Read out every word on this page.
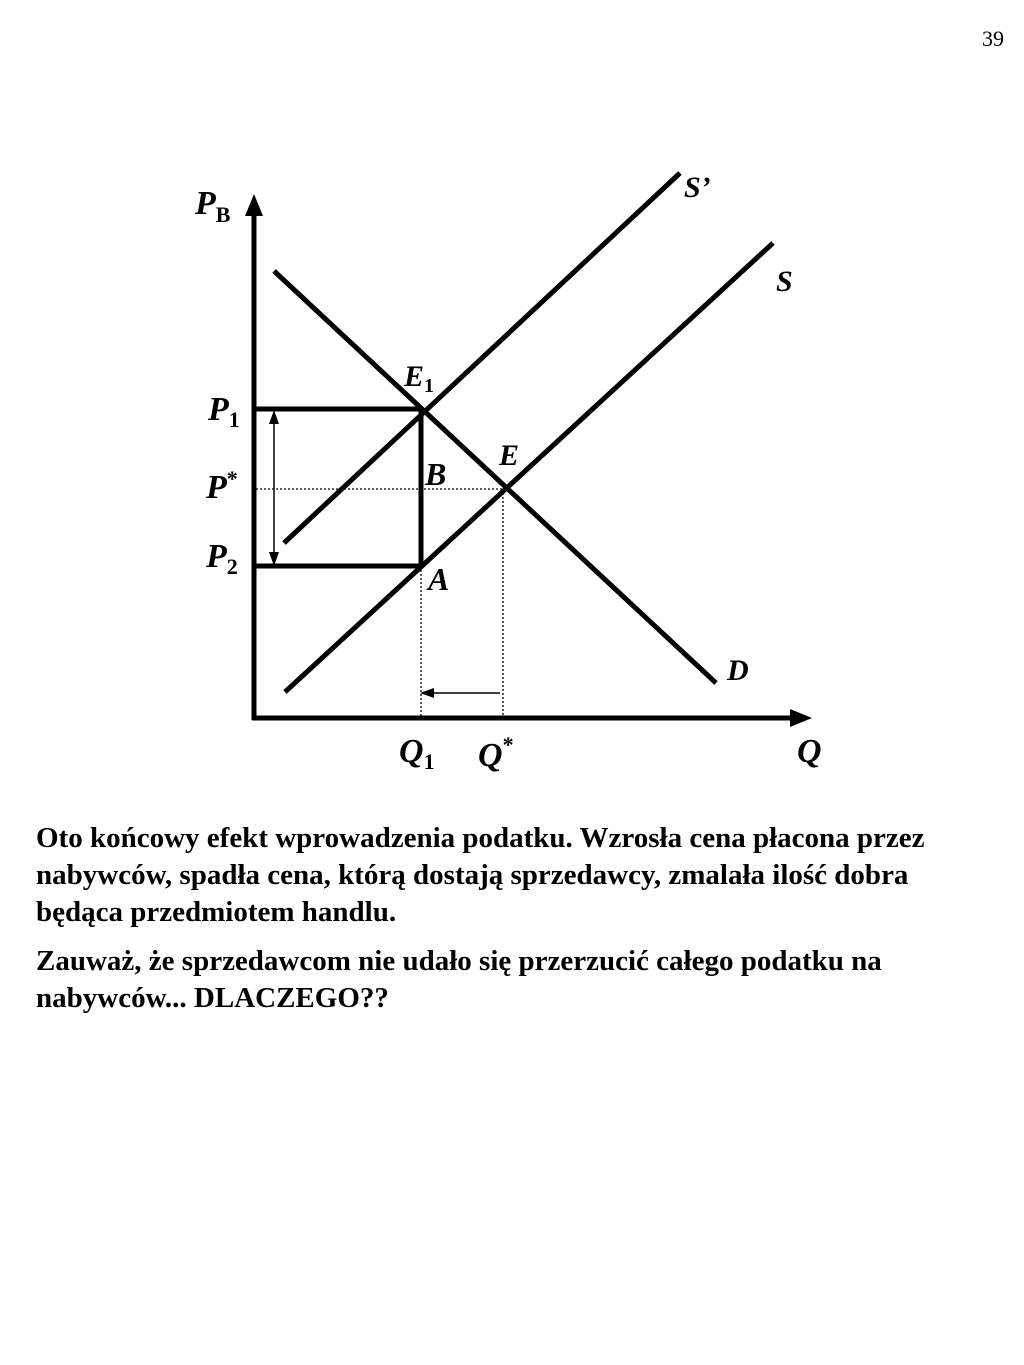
39
$P_B$
Q
S’
S
D
$E_1$
E
B
A
$P_1$
P*
$P_2$
$Q_1$ Q*

Oto końcowy efekt wprowadzenia podatku. Wzrosła cena płacona przez nabywców, spadła cena, którą dostają sprzedawcy, zmalała ilość dobra będąca przedmiotem handlu.

Zauważ, że sprzedawcom nie udało się przerzucić całego podatku na nabywców... DLACZEGO??
